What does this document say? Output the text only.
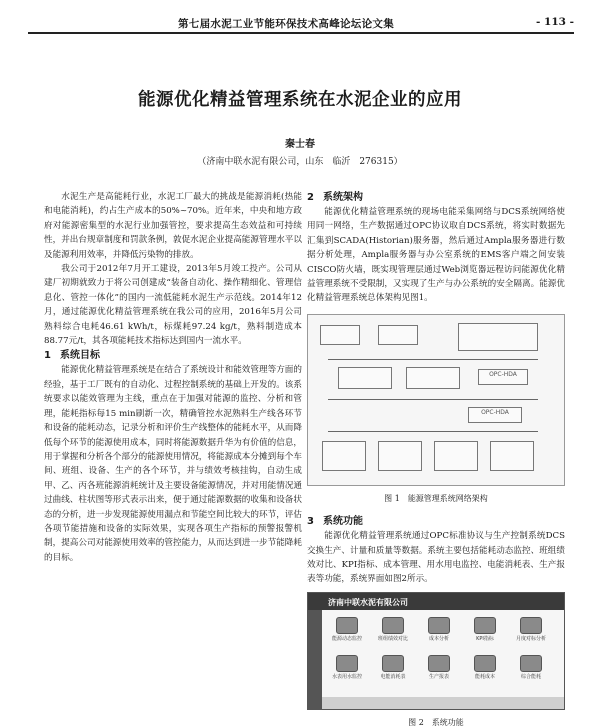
第七届水泥工业节能环保技术高峰论坛论文集	- 113 -
能源优化精益管理系统在水泥企业的应用
秦士春
（济南中联水泥有限公司，山东　临沂　276315）

水泥生产是高能耗行业，水泥工厂最大的挑战是能源消耗(热能和电能消耗)，约占生产成本的50%~70%。近年来，中央和地方政府对能源密集型的水泥行业加强管控，要求提高生态效益和可持续性，并出台规章制度和罚款条例，敦促水泥企业提高能源管理水平以及能源利用效率，并降低污染物的排放。

我公司于2012年7月开工建设，2013年5月竣工投产。公司从建厂初期就致力于将公司创建成“装备自动化、操作精细化、管理信息化、管控一体化”的国内一流低能耗水泥生产示范线。2014年12月，通过能源优化精益管理系统在我公司的应用，2016年5月公司熟料综合电耗46.61 kWh/t，标煤耗97.24 kg/t，熟料制造成本88.77元/t，其各项能耗技术指标达到国内一流水平。

1 系统目标

能源优化精益管理系统是在结合了系统设计和能效管理等方面的经验，基于工厂既有的自动化、过程控制系统的基础上开发的。该系统要求以能效管理为主线，重点在于加强对能源的监控、分析和管理，能耗指标每15 min刷新一次，精确管控水泥熟料生产线各环节和设备的能耗动态，记录分析和评价生产线整体的能耗水平，从而降低每个环节的能源使用成本，同时将能源数据升华为有价值的信息，用于掌握和分析各个部分的能源使用情况，将能源成本分摊到每个车间、班组、设备、生产的各个环节，并与绩效考核挂钩，自动生成甲、乙、丙各班能源消耗统计及主要设备能源情况，并对用能情况通过曲线、柱状图等形式表示出来，便于通过能源数据的收集和设备状态的分析，进一步发现能源使用漏点和节能空间比较大的环节，评估各项节能措施和设备的实际效果，实现各项生产指标的预警报警机制，提高公司对能源使用效率的管控能力，从而达到进一步节能降耗的目标。

2 系统架构

能源优化精益管理系统的现场电能采集网络与DCS系统网络使用同一网络，生产数据通过OPC协议取自DCS系统，将实时数据先汇集到SCADA(Historian)服务器，然后通过Ampla服务器进行数据分析处理，Ampla服务器与办公室系统的EMS客户端之间安装CISCO防火墙，既实现管理层通过Web浏览器远程访问能源优化精益管理系统不受限制，又实现了生产与办公系统的安全隔离。能源优化精益管理系统总体架构见图1。

OPC-HDA
OPC-HDA
图 1 能源管理系统网络架构
3 系统功能

能源优化精益管理系统通过OPC标准协议与生产控制系统DCS交换生产、计量和质量等数据。系统主要包括能耗动态监控、班组绩效对比、KPI指标、成本管理、用水用电监控、电能消耗表、生产报表等功能，系统界面如图2所示。

济南中联水泥有限公司
能源动态监控	班组绩效对比	成本分析	KPI指标	月度对标分析
水表用水监控	电能消耗表	生产报表	能耗成本	综合能耗
图 2 系统功能
